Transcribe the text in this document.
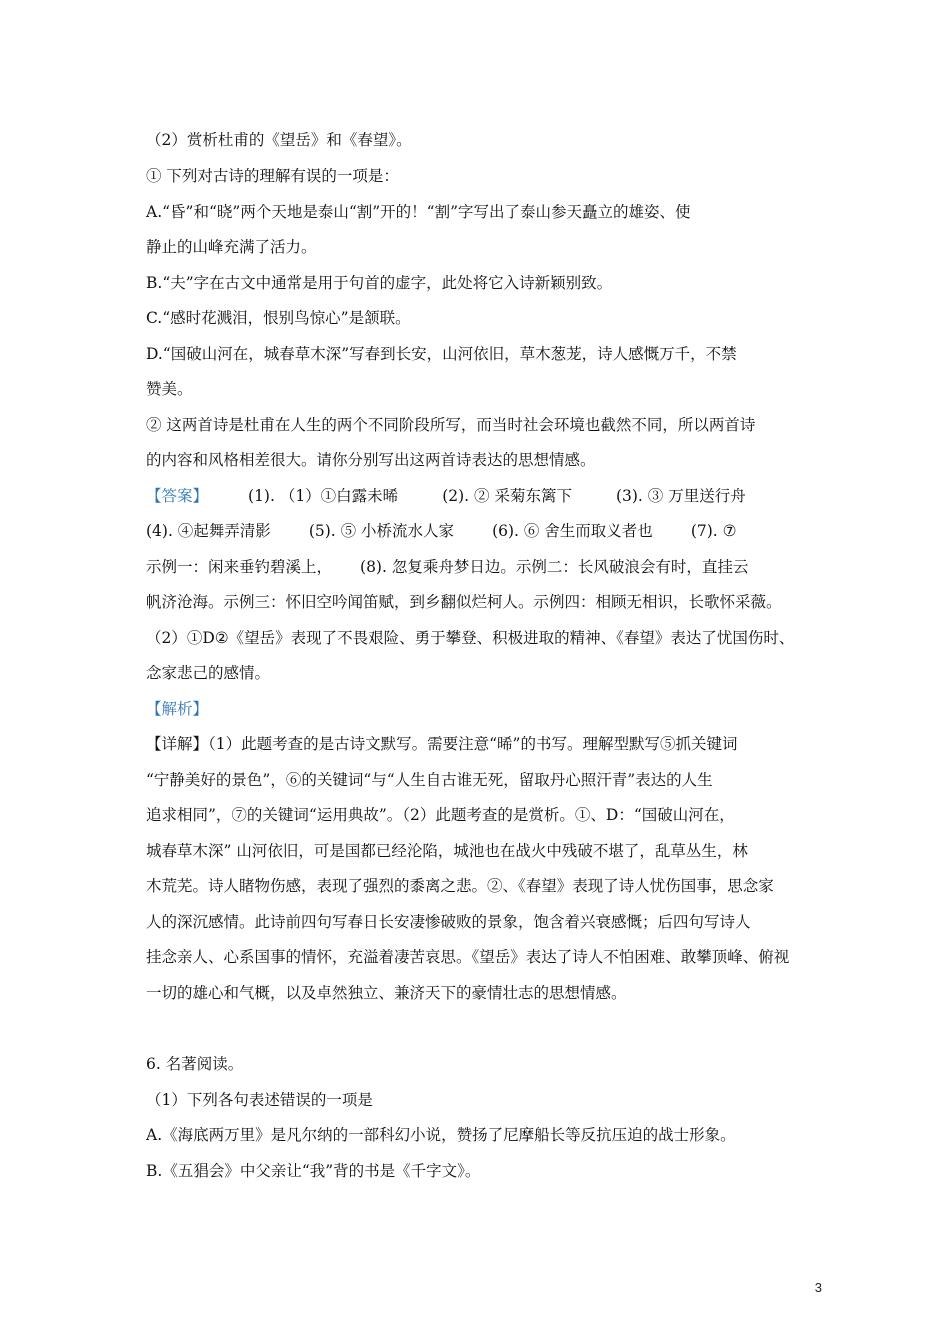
（2）赏析杜甫的《望岳》和《春望》。
① 下列对古诗的理解有误的一项是：
A.“昏”和“晓”两个天地是泰山“割”开的！“割”字写出了泰山参天矗立的雄姿、使
静止的山峰充满了活力。
B.“夫”字在古文中通常是用于句首的虚字，此处将它入诗新颖别致。
C.“感时花溅泪，恨别鸟惊心”是颔联。
D.“国破山河在，城春草木深”写春到长安，山河依旧，草木葱茏，诗人感慨万千，不禁
赞美。
② 这两首诗是杜甫在人生的两个不同阶段所写，而当时社会环境也截然不同，所以两首诗
的内容和风格相差很大。请你分别写出这两首诗表达的思想情感。
【答案】	(1). （1）①白露未晞	(2). ② 采菊东篱下	(3). ③ 万里送行舟
(4). ④起舞弄清影 (5). ⑤ 小桥流水人家 (6). ⑥ 舍生而取义者也 (7). ⑦
示例一：闲来垂钓碧溪上， (8). 忽复乘舟梦日边。示例二：长风破浪会有时，直挂云
帆济沧海。示例三：怀旧空吟闻笛赋，到乡翻似烂柯人。示例四：相顾无相识，长歌怀采薇。
（2）①D②《望岳》表现了不畏艰险、勇于攀登、积极进取的精神、《春望》表达了忧国伤时、
念家悲己的感情。
【解析】
【详解】（1）此题考查的是古诗文默写。需要注意“晞”的书写。理解型默写⑤抓关键词
“宁静美好的景色”，⑥的关键词“与“人生自古谁无死，留取丹心照汗青”表达的人生
追求相同”，⑦的关键词“运用典故”。（2）此题考查的是赏析。①、D：“国破山河在，
城春草木深” 山河依旧，可是国都已经沦陷，城池也在战火中残破不堪了，乱草丛生，林
木荒芜。诗人睹物伤感，表现了强烈的黍离之悲。②、《春望》表现了诗人忧伤国事，思念家
人的深沉感情。此诗前四句写春日长安凄惨破败的景象，饱含着兴衰感慨；后四句写诗人
挂念亲人、心系国事的情怀，充溢着凄苦哀思。《望岳》表达了诗人不怕困难、敢攀顶峰、俯视
一切的雄心和气概，以及卓然独立、兼济天下的豪情壮志的思想情感。
6. 名著阅读。
（1）下列各句表述错误的一项是
A.《海底两万里》是凡尔纳的一部科幻小说，赞扬了尼摩船长等反抗压迫的战士形象。
B.《五猖会》中父亲让“我”背的书是《千字文》。
3
